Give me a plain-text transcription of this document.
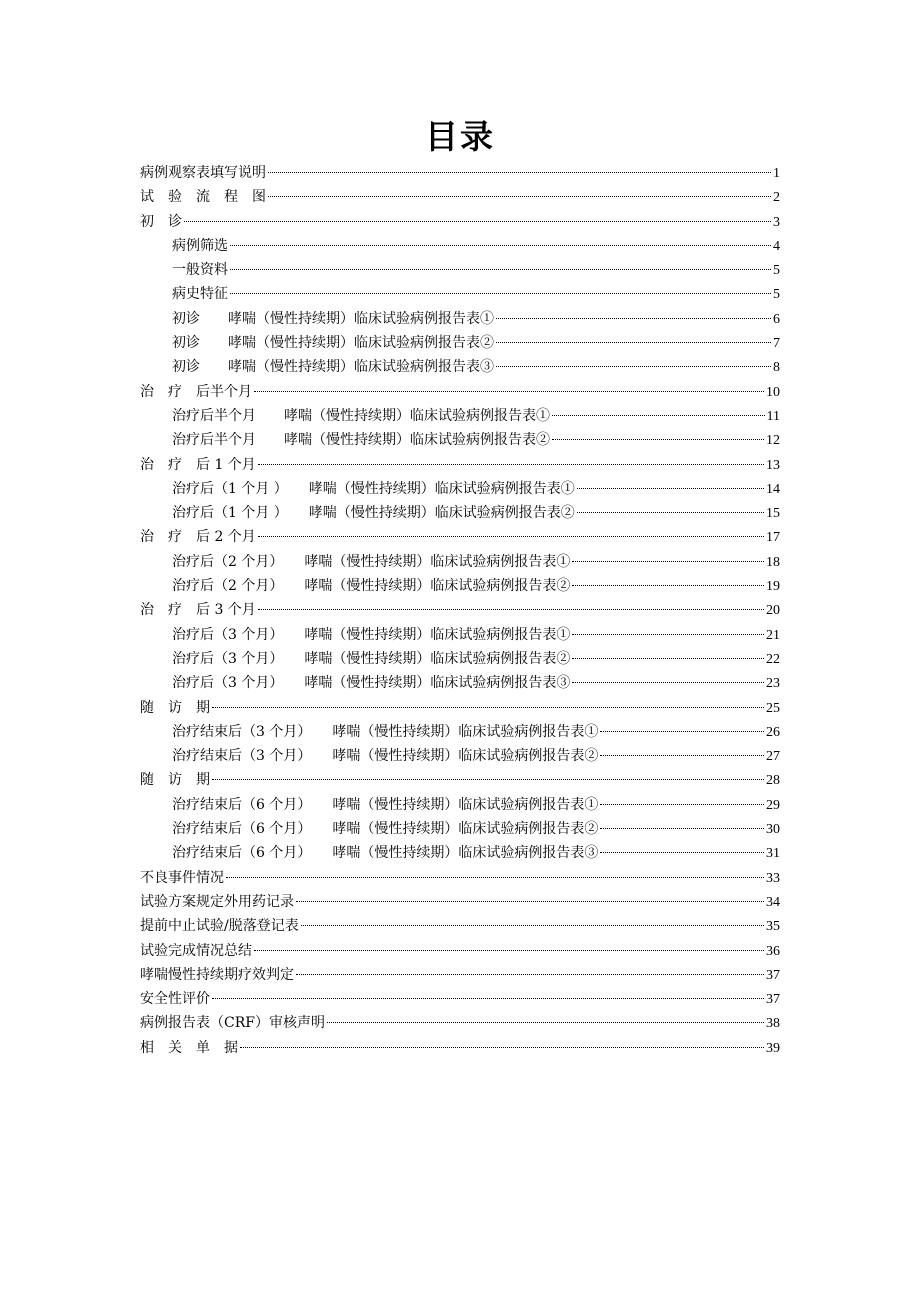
目录
病例观察表填写说明	1
试　验　流　程　图	2
初　诊	3
病例筛选	4
一般资料	5
病史特征	5
初诊　　哮喘（慢性持续期）临床试验病例报告表①	6
初诊　　哮喘（慢性持续期）临床试验病例报告表②	7
初诊　　哮喘（慢性持续期）临床试验病例报告表③	8
治　疗　后半个月	10
治疗后半个月　　哮喘（慢性持续期）临床试验病例报告表①	11
治疗后半个月　　哮喘（慢性持续期）临床试验病例报告表②	12
治　疗　后 1 个月	13
治疗后（1 个月 ）　　哮喘（慢性持续期）临床试验病例报告表①	14
治疗后（1 个月 ）　　哮喘（慢性持续期）临床试验病例报告表②	15
治　疗　后 2 个月	17
治疗后（2 个月）　　哮喘（慢性持续期）临床试验病例报告表①	18
治疗后（2 个月）　　哮喘（慢性持续期）临床试验病例报告表②	19
治　疗　后 3 个月	20
治疗后（3 个月）　　哮喘（慢性持续期）临床试验病例报告表①	21
治疗后（3 个月）　　哮喘（慢性持续期）临床试验病例报告表②	22
治疗后（3 个月）　　哮喘（慢性持续期）临床试验病例报告表③	23
随　访　期	25
治疗结束后（3 个月）　　哮喘（慢性持续期）临床试验病例报告表①	26
治疗结束后（3 个月）　　哮喘（慢性持续期）临床试验病例报告表②	27
随　访　期	28
治疗结束后（6 个月）　　哮喘（慢性持续期）临床试验病例报告表①	29
治疗结束后（6 个月）　　哮喘（慢性持续期）临床试验病例报告表②	30
治疗结束后（6 个月）　　哮喘（慢性持续期）临床试验病例报告表③	31
不良事件情况	33
试验方案规定外用药记录	34
提前中止试验/脱落登记表	35
试验完成情况总结	36
哮喘慢性持续期疗效判定	37
安全性评价	37
病例报告表（CRF）审核声明	38
相　关　单　据	39
